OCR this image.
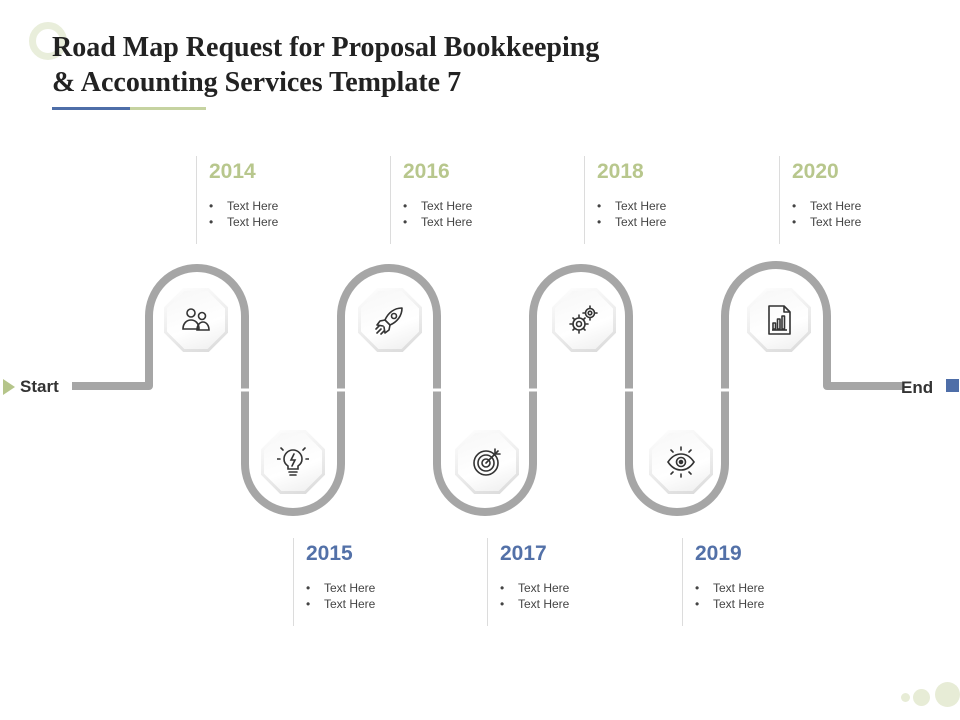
Road Map Request for Proposal Bookkeeping
& Accounting Services Template 7
Start	End
2014
• Text Here
• Text Here
2016
• Text Here
• Text Here
2018
• Text Here
• Text Here
2020
• Text Here
• Text Here
2015
• Text Here
• Text Here
2017
• Text Here
• Text Here
2019
• Text Here
• Text Here
